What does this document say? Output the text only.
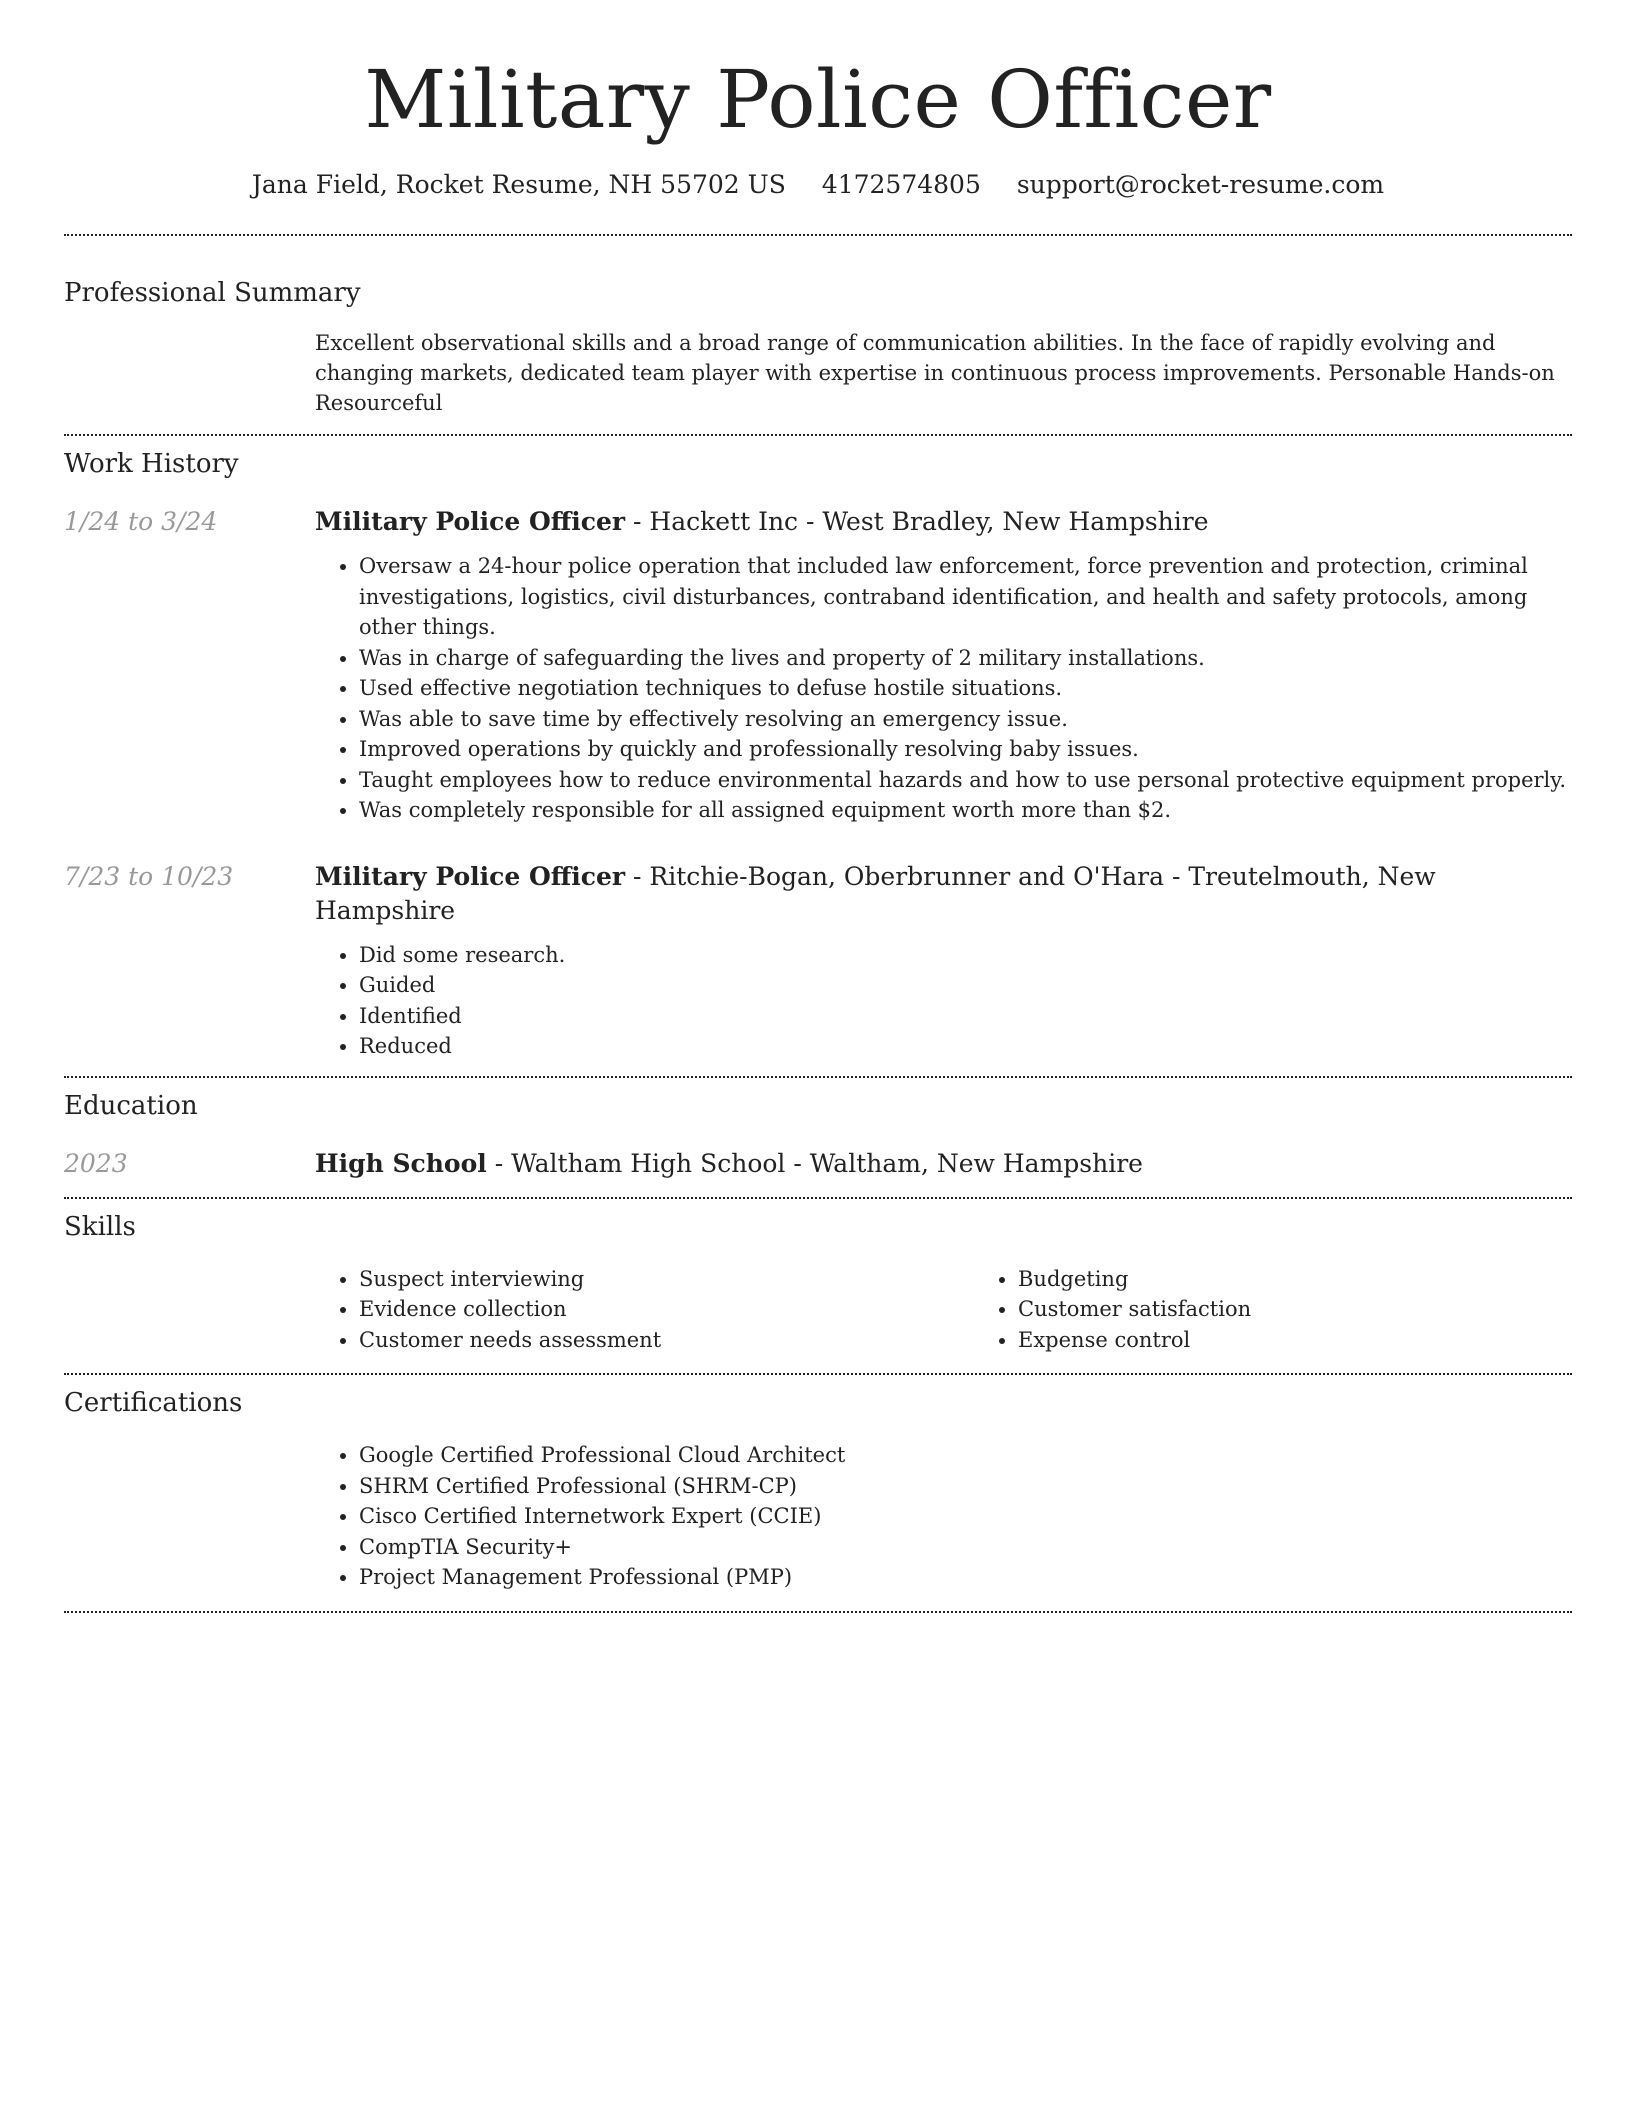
Military Police Officer
Jana Field, Rocket Resume, NH 55702 US 4172574805 support@rocket-resume.com
Professional Summary
Excellent observational skills and a broad range of communication abilities. In the face of rapidly evolving and changing markets, dedicated team player with expertise in continuous process improvements. Personable Hands-on Resourceful
Work History
1/24 to 3/24	Military Police Officer - Hackett Inc - West Bradley, New Hampshire
• Oversaw a 24-hour police operation that included law enforcement, force prevention and protection, criminal investigations, logistics, civil disturbances, contraband identification, and health and safety protocols, among other things.
• Was in charge of safeguarding the lives and property of 2 military installations.
• Used effective negotiation techniques to defuse hostile situations.
• Was able to save time by effectively resolving an emergency issue.
• Improved operations by quickly and professionally resolving baby issues.
• Taught employees how to reduce environmental hazards and how to use personal protective equipment properly.
• Was completely responsible for all assigned equipment worth more than $2.
7/23 to 10/23	Military Police Officer - Ritchie-Bogan, Oberbrunner and O'Hara - Treutelmouth, New Hampshire
• Did some research.
• Guided
• Identified
• Reduced
Education
2023	High School - Waltham High School - Waltham, New Hampshire
Skills
• Suspect interviewing
• Evidence collection
• Customer needs assessment
• Budgeting
• Customer satisfaction
• Expense control
Certifications
• Google Certified Professional Cloud Architect
• SHRM Certified Professional (SHRM-CP)
• Cisco Certified Internetwork Expert (CCIE)
• CompTIA Security+
• Project Management Professional (PMP)
